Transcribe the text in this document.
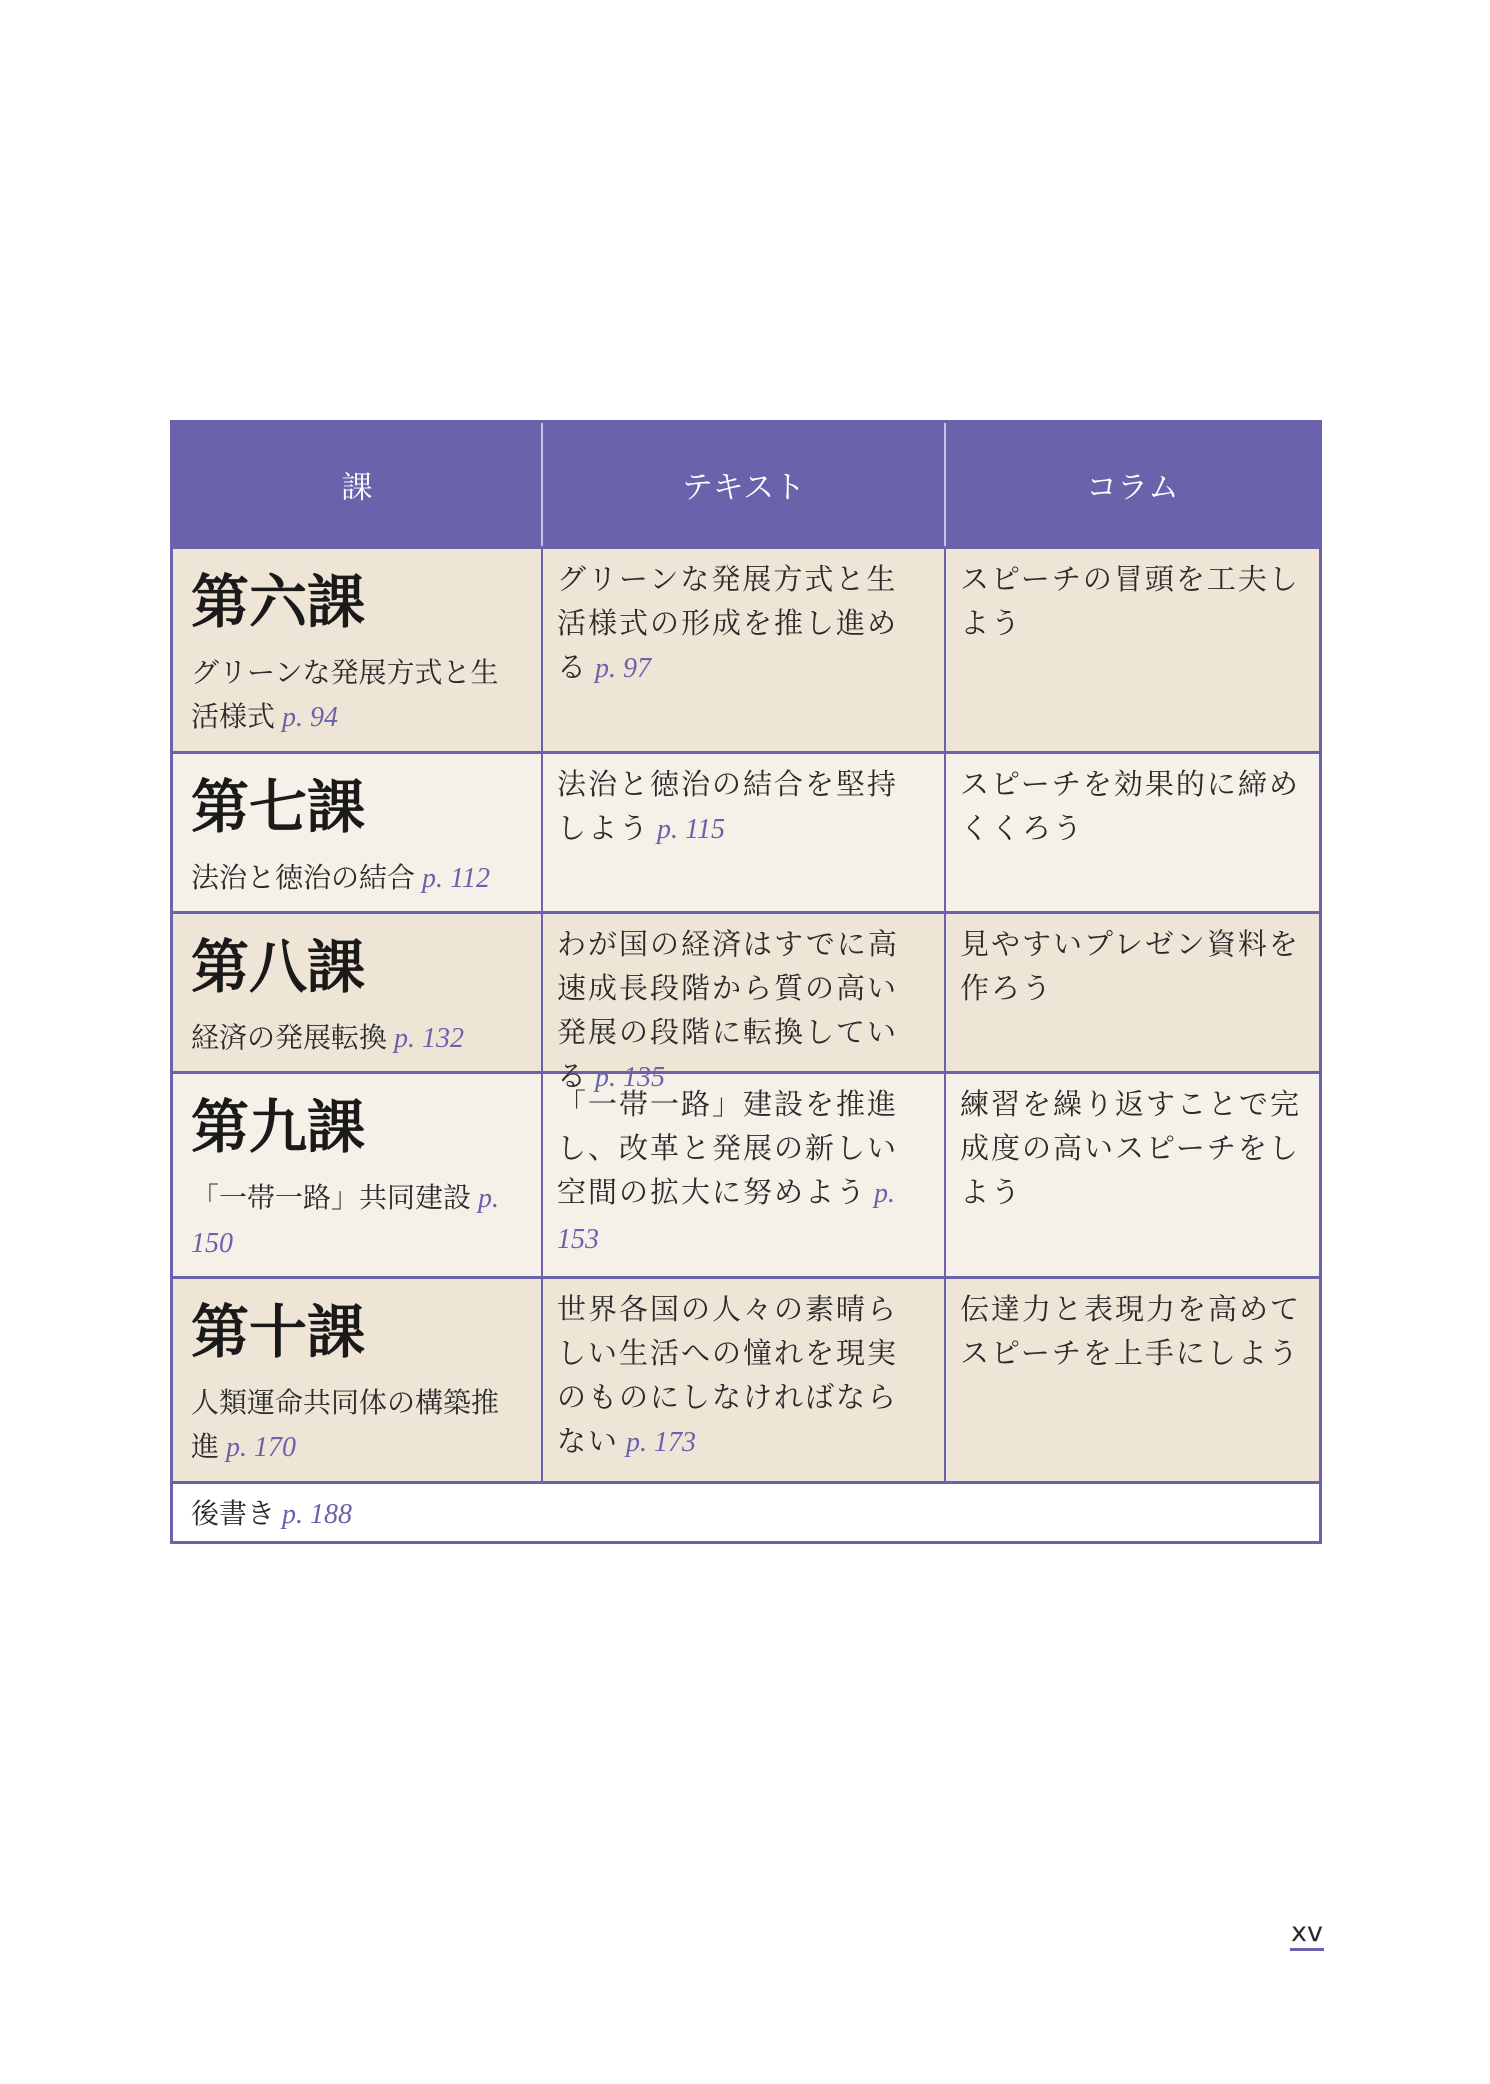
課	テキスト	コラム
第六課
グリーンな発展方式と生活様式 p. 94
グリーンな発展方式と生活様式の形成を推し進める p. 97
スピーチの冒頭を工夫しよう
第七課
法治と徳治の結合 p. 112
法治と徳治の結合を堅持しよう p. 115
スピーチを効果的に締めくくろう
第八課
経済の発展転換 p. 132
わが国の経済はすでに高速成長段階から質の高い発展の段階に転換している p. 135
見やすいプレゼン資料を作ろう
第九課
「一帯一路」共同建設 p. 150
「一帯一路」建設を推進し、改革と発展の新しい空間の拡大に努めよう p. 153
練習を繰り返すことで完成度の高いスピーチをしよう
第十課
人類運命共同体の構築推進 p. 170
世界各国の人々の素晴らしい生活への憧れを現実のものにしなければならない p. 173
伝達力と表現力を高めてスピーチを上手にしよう
後書き p. 188
xv
